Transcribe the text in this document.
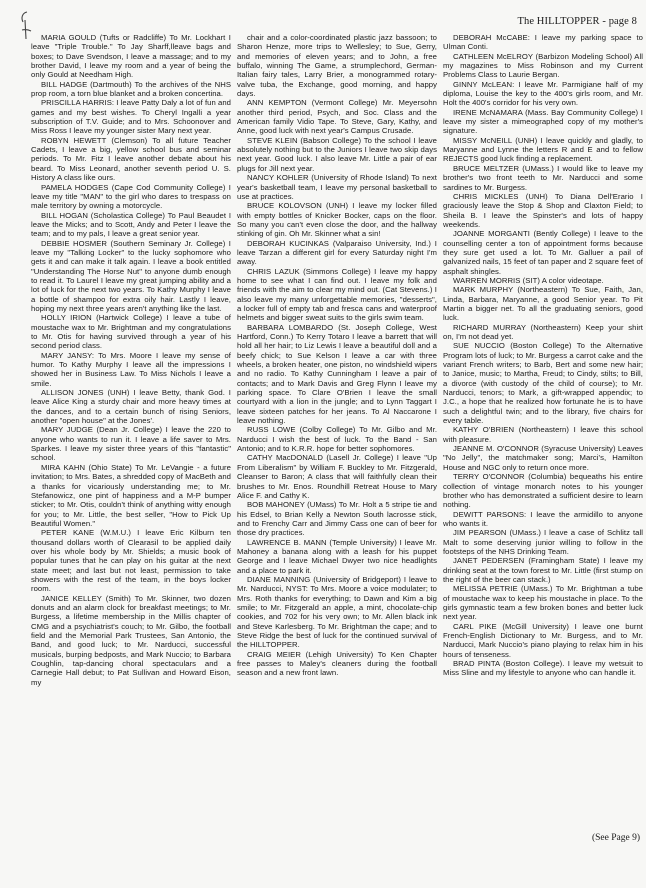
The HILLTOPPER - page 8

MARIA GOULD (Tufts or Radcliffe) To Mr. Lockhart I leave "Triple Trouble." To Jay Sharff,lleave bags and boxes; to Dave Svendson, I leave a massage; and to my brother David, I leave my room and a year of being the only Gould at Needham High.

BILL HADGE (Dartmouth) To the archives of the NHS prop room, a torn blue blanket and a broken concertina.

PRISCILLA HARRIS: I leave Patty Daly a lot of fun and games and my best wishes. To Cheryl Ingalli a year subscription of T.V. Guide; and to Mrs. Schoonover and Miss Ross I leave my younger sister Mary next year.

ROBYN HEWETT (Clemson) To all future Teacher Cadets, I leave a big, yellow school bus and seminar periods. To Mr. Fitz I leave another debate about his beard. To Miss Leonard, another seventh period U. S. History A class like ours.

PAMELA HODGES (Cape Cod Community College) I leave my title "MAN" to the girl who dares to trespass on male territory by owning a motorcycle.

BILL HOGAN (Scholastica College) To Paul Beaudet I leave the Micks; and to Scott, Andy and Peter I leave the team; and to my pals, I leave a great senior year.

DEBBIE HOSMER (Southern Seminary Jr. College) I leave my "Talking Locker" to the lucky sophomore who gets it and can make it talk again. I leave a book entitled "Understanding The Horse Nut" to anyone dumb enough to read it. To Laurel I leave my great jumping ability and a lot of luck for the next two years. To Kathy Murphy I leave a bottle of shampoo for extra oily hair. Lastly I leave, hoping my next three years aren't anything like the last.

HOLLY IRION (Hartwick College) I leave a tube of moustache wax to Mr. Brightman and my congratulations to Mr. Otis for having survived through a year of his second period class.

MARY JANSY: To Mrs. Moore I leave my sense of humor. To Kathy Murphy I leave all the impressions I showed her in Business Law. To Miss Nichols I leave a smile.

ALLISON JONES (UNH) I leave Betty, thank God. I leave Alice King a sturdy chair and more heavy times at the dances, and to a certain bunch of rising Seniors, another "open house" at the Jones'.

MARY JUDGE (Dean Jr. College) I leave the 220 to anyone who wants to run it. I leave a life saver to Mrs. Sparkes. I leave my sister three years of this "fantastic" school.

MIRA KAHN (Ohio State) To Mr. LeVangie - a future invitation; to Mrs. Bates, a shredded copy of MacBeth and a thanks for vicariously understanding me; to Mr. Stefanowicz, one pint of happiness and a M-P bumper sticker; to Mr. Otis, couldn't think of anything witty enough for you; to Mr. Little, the best seller, "How to Pick Up Beautiful Women."

PETER KANE (W.M.U.) I leave Eric Kilburn ten thousand dollars worth of Clearasil to be applied daily over his whole body by Mr. Shields; a music book of popular tunes that he can play on his guitar at the next state meet; and last but not least, permission to take showers with the rest of the team, in the boys locker room.

JANICE KELLEY (Smith) To Mr. Skinner, two dozen donuts and an alarm clock for breakfast meetings; to Mr. Burgess, a lifetime membership in the Millis chapter of CMG and a psychiatrist's couch; to Mr. Gilbo, the football field and the Memorial Park Trustees, San Antonio, the Band, and good luck; to Mr. Narducci, successful musicals, burping bedposts, and Mark Nuccio; to Barbara Coughlin, tap-dancing choral spectaculars and a Carnegie Hall debut; to Pat Sullivan and Howard Eison, my

chair and a color-coordinated plastic jazz bassoon; to Sharon Henze, more trips to Wellesley; to Sue, Gerry, and memories of eleven years; and to John, a free buffalo, winning The Game, a strumplechord, German-Italian fairy tales, Larry Brier, a monogrammed rotary-valve tuba, the Exchange, good morning, and happy days.

ANN KEMPTON (Vermont College) Mr. Meyersohn another third period, Psych, and Soc. Class and the American family Vidio Tape. To Steve, Gary, Kathy, and Anne, good luck with next year's Campus Crusade.

STEVE KLEIN (Babson College) To the school I leave absolutely nothing but to the Juniors I leave two skip days next year. Good luck. I also leave Mr. Little a pair of ear plugs for Jill next year.

NANCY KOHLER (University of Rhode Island) To next year's basketball team, I leave my personal basketball to use at practices.

BRUCE KOLOVSON (UNH) I leave my locker filled with empty bottles of Knicker Bocker, caps on the floor. So many you can't even close the door, and the hallway stinking of gin. Oh Mr. Skinner what a sin!

DEBORAH KUCINKAS (Valparaiso University, Ind.) I leave Tarzan a different girl for every Saturday night I'm away.

CHRIS LAZUK (Simmons College) I leave my happy home to see what I can find out. I leave my folk and friends with the aim to clear my mind out. (Cat Stevens.) I also leave my many unforgettable memories, "desserts", a locker full of empty tab and fresca cans and waterproof helmets and bigger sweat suits to the girls swim team.

BARBARA LOMBARDO (St. Joseph College, West Hartford, Conn.) To Kerry Totaro I leave a barrett that will hold all her hair; to Liz Lewis I leave a beautiful doll and a beefy chick; to Sue Kelson I leave a car with three wheels, a broken heater, one piston, no windshield wipers and no radio. To Kathy Cunningham I leave a pair of contacts; and to Mark Davis and Greg Flynn I leave my parking space. To Clare O'Brien I leave the small courtyard with a lion in the jungle; and to Lynn Taggart I leave sixteen patches for her jeans. To Al Naccarone I leave nothing.

RUSS LOWE (Colby College) To Mr. Gilbo and Mr. Narducci I wish the best of luck. To the Band - San Antonio; and to K.R.R. hope for better sophomores.

CATHY MacDONALD (Lasell Jr. College) I leave "Up From Liberalism" by William F. Buckley to Mr. Fitzgerald, Cleanser to Baron; A class that will faithfully clean their brushes to Mr. Enos. Roundhill Retreat House to Mary Alice F. and Cathy K.

BOB MAHONEY (UMass) To Mr. Holt a 5 stripe tie and his Edsel, to Brian Kelly a Newton South lacrosse stick, and to Frenchy Carr and Jimmy Cass one can of beer for those dry practices.

LAWRENCE B. MANN (Temple University) I leave Mr. Mahoney a banana along with a leash for his puppet George and I leave Michael Dwyer two nice headlights and a place to park it.

DIANE MANNING (University of Bridgeport) I leave to Mr. Narducci, NYST: To Mrs. Moore a voice modulater; to Mrs. Roth thanks for everything; to Dawn and Kim a big smile; to Mr. Fitzgerald an apple, a mint, chocolate-chip cookies, and 702 for his very own; to Mr. Allen black ink and Steve Karlesberg. To Mr. Brightman the cape; and to Steve Ridge the best of luck for the continued survival of the HILLTOPPER.

CRAIG MEIER (Lehigh University) To Ken Chapter free passes to Maley's cleaners during the football season and a new front lawn.

DEBORAH McCABE: I leave my parking space to Ulman Conti.

CATHLEEN McELROY (Barbizon Modeling School) All my magazines to Miss Robinson and my Current Problems Class to Laurie Bergan.

GINNY McLEAN: I leave Mr. Parmigiane half of my diploma, Louise the key to the 400's girls room, and Mr. Holt the 400's corridor for his very own.

IRENE McNAMARA (Mass. Bay Community College) I leave my sister a mimeographed copy of my mother's signature.

MISSY McNEILL (UNH) I leave quickly and gladly, to Maryanne and Lynne the letters R and E and to fellow REJECTS good luck finding a replacement.

BRUCE MELTZER (UMass.) I would like to leave my brother's two front teeth to Mr. Narducci and some sardines to Mr. Burgess.

CHRIS MICKLES (UNH) To Diana Dell'Erario I graciously leave the Stop & Shop and Claxton Field; to Sheila B. I leave the Spinster's and lots of happy weekends.

JOANNE MORGANTI (Bently College) I leave to the counselling center a ton of appointment forms because they sure get used a lot. To Mr. Galluer a pail of galvanized nails, 15 feet of tan paper and 2 square feet of asphalt shingles.

WARREN MORRIS (SIT) A color videotape.

MARK MURPHY (Northeastern) To Sue, Faith, Jan, Linda, Barbara, Maryanne, a good Senior year. To Pit Martin a bigger net. To all the graduating seniors, good luck.

RICHARD MURRAY (Northeastern) Keep your shirt on, I'm not dead yet.

SUE NUCCIO (Boston College) To the Alternative Program lots of luck; to Mr. Burgess a carrot cake and the variant French writers; to Barb, Bert and some new hair; to Janice, music; to Martha, Freud; to Cindy, stilts; to Bill, a divorce (with custody of the child of course); to Mr. Narducci, tenors; to Mark, a gift-wrapped appendix; to J.C., a hope that he realized how fortunate he is to have such a delightful twin; and to the library, five chairs for every table.

KATHY O'BRIEN (Northeastern) I leave this school with pleasure.

JEANNE M. O'CONNOR (Syracuse University) Leaves "No Jelly", the matchmaker song; Marci's, Hamilton House and NGC only to return once more.

TERRY O'CONNOR (Columbia) bequeaths his entire collection of vintage monarch notes to his younger brother who has demonstrated a sufficient desire to learn nothing.

DEWITT PARSONS: I leave the armidillo to anyone who wants it.

JIM PEARSON (UMass.) I leave a case of Schlitz tall Malt to some deserving junior willing to follow in the footsteps of the NHS Drinking Team.

JANET PEDERSEN (Framingham State) I leave my drinking seat at the town forest to Mr. Little (first stump on the right of the beer can stack.)

MELISSA PETRIE (UMass.) To Mr. Brightman a tube of moustache wax to keep his moustache in place. To the girls gymnastic team a few broken bones and better luck next year.

CARL PIKE (McGill University) I leave one burnt French-English Dictionary to Mr. Burgess, and to Mr. Narducci, Mark Nuccio's piano playing to relax him in his hours of tenseness.

BRAD PINTA (Boston College). I leave my wetsuit to Miss Sline and my lifestyle to anyone who can handle it.

(See Page 9)
